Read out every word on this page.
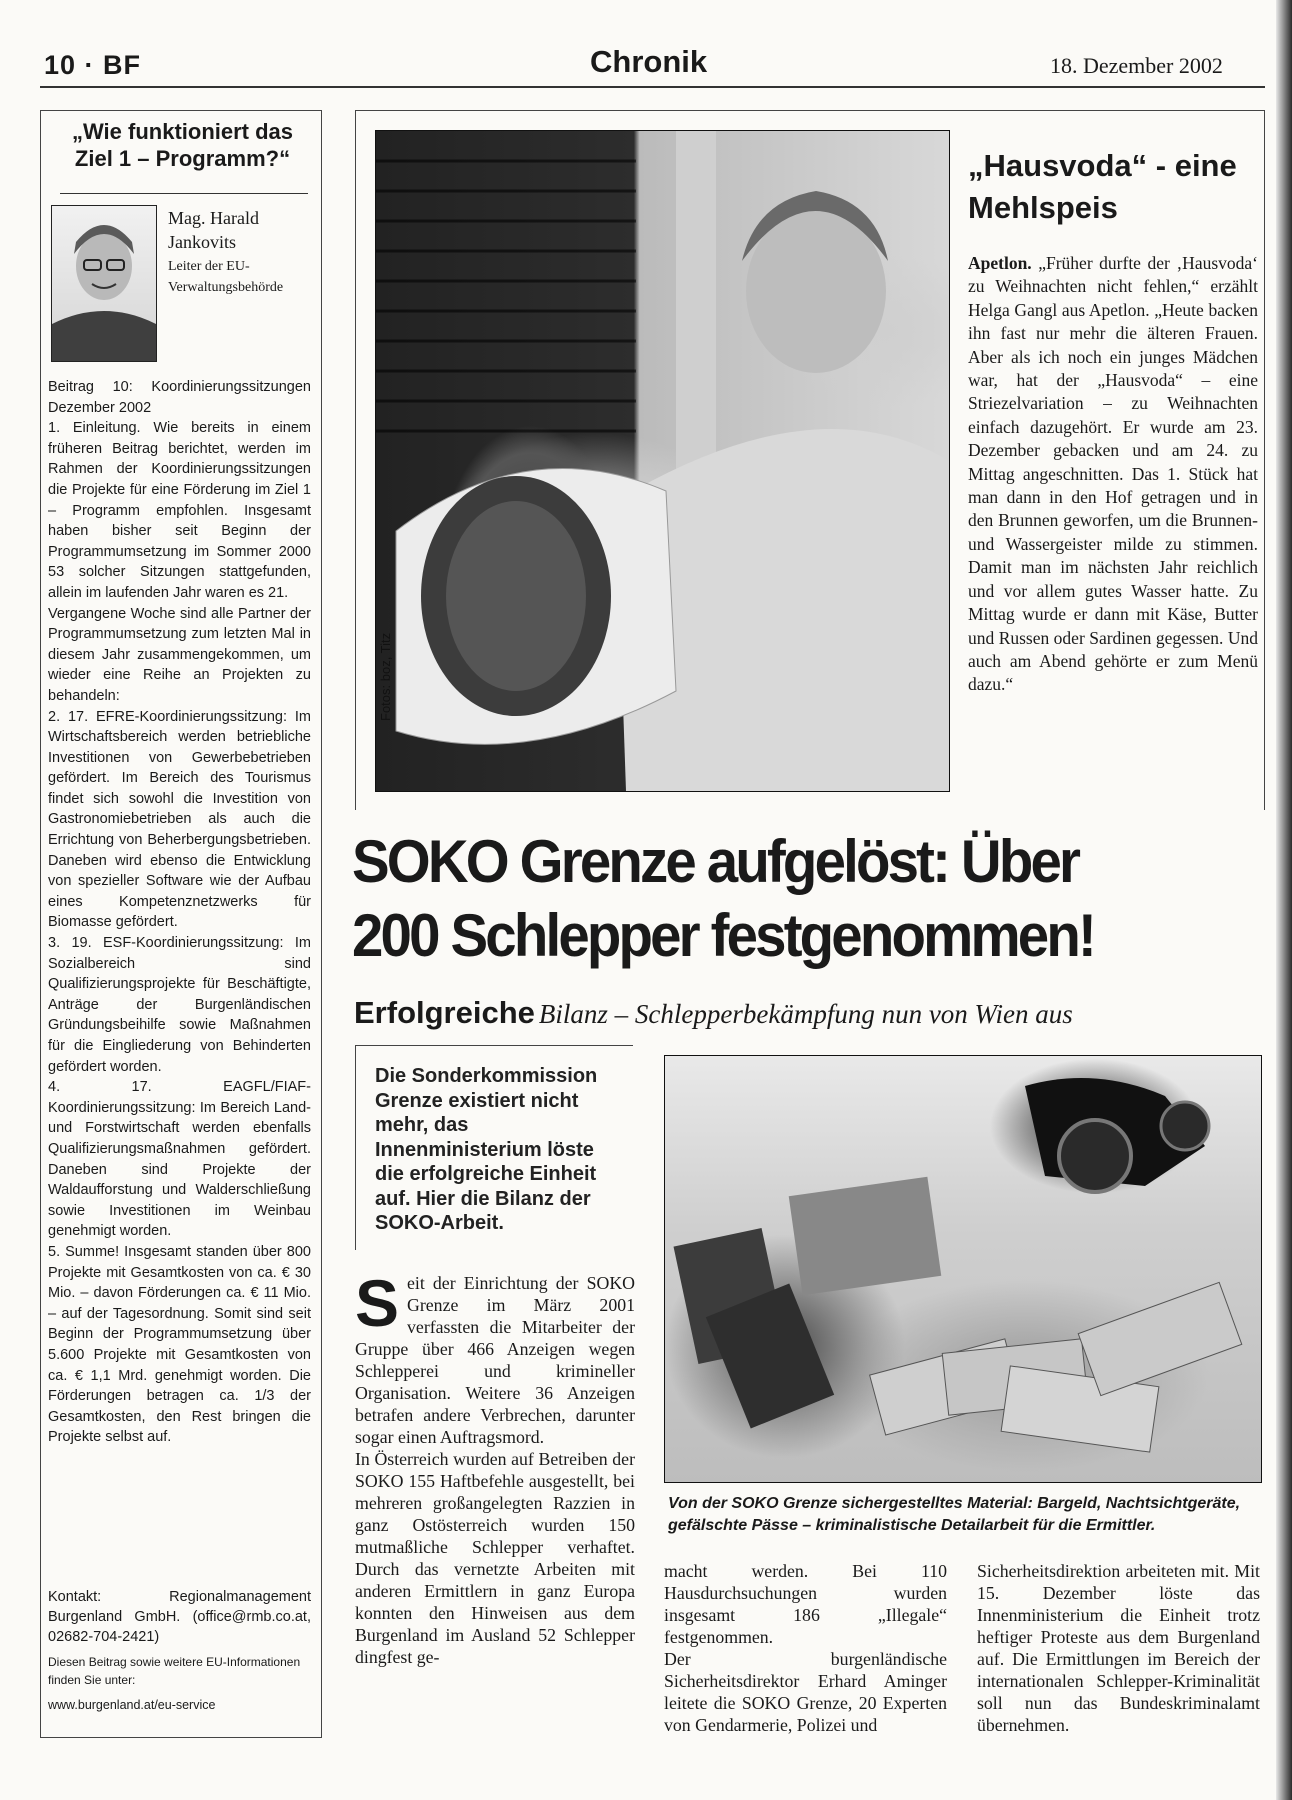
10 · BF	Chronik	18. Dezember 2002
„Wie funktioniert das Ziel 1 – Programm?“
Mag. Harald Jankovits
Leiter der EU-Verwaltungsbehörde

Beitrag 10: Koordinierungssitzungen Dezember 2002

1. Einleitung. Wie bereits in einem früheren Beitrag berichtet, werden im Rahmen der Koordinierungssitzungen die Projekte für eine Förderung im Ziel 1 – Programm empfohlen. Insgesamt haben bisher seit Beginn der Programmumsetzung im Sommer 2000 53 solcher Sitzungen stattgefunden, allein im laufenden Jahr waren es 21.

Vergangene Woche sind alle Partner der Programmumsetzung zum letzten Mal in diesem Jahr zusammengekommen, um wieder eine Reihe an Projekten zu behandeln:

2. 17. EFRE-Koordinierungssitzung: Im Wirtschaftsbereich werden betriebliche Investitionen von Gewerbebetrieben gefördert. Im Bereich des Tourismus findet sich sowohl die Investition von Gastronomiebetrieben als auch die Errichtung von Beherbergungsbetrieben. Daneben wird ebenso die Entwicklung von spezieller Software wie der Aufbau eines Kompetenznetzwerks für Biomasse gefördert.

3. 19. ESF-Koordinierungssitzung: Im Sozialbereich sind Qualifizierungsprojekte für Beschäftigte, Anträge der Burgenländischen Gründungsbeihilfe sowie Maßnahmen für die Eingliederung von Behinderten gefördert worden.

4. 17. EAGFL/FIAF-Koordinierungssitzung: Im Bereich Land- und Forstwirtschaft werden ebenfalls Qualifizierungsmaßnahmen gefördert. Daneben sind Projekte der Waldaufforstung und Walderschließung sowie Investitionen im Weinbau genehmigt worden.

5. Summe! Insgesamt standen über 800 Projekte mit Gesamtkosten von ca. € 30 Mio. – davon Förderungen ca. € 11 Mio. – auf der Tagesordnung. Somit sind seit Beginn der Programmumsetzung über 5.600 Projekte mit Gesamtkosten von ca. € 1,1 Mrd. genehmigt worden. Die Förderungen betragen ca. 1/3 der Gesamtkosten, den Rest bringen die Projekte selbst auf.

Kontakt: Regionalmanagement Burgenland GmbH. (office@rmb.co.at, 02682-704-2421)
Diesen Beitrag sowie weitere EU-Informationen finden Sie unter:
www.burgenland.at/eu-service
Fotos: boz, Titz
„Hausvoda“ - eine Mehlspeis
Apetlon. „Früher durfte der ‚Hausvoda‘ zu Weihnachten nicht fehlen,“ erzählt Helga Gangl aus Apetlon. „Heute backen ihn fast nur mehr die älteren Frauen. Aber als ich noch ein junges Mädchen war, hat der „Hausvoda“ – eine Striezelvariation – zu Weihnachten einfach dazugehört. Er wurde am 23. Dezember gebacken und am 24. zu Mittag angeschnitten. Das 1. Stück hat man dann in den Hof getragen und in den Brunnen geworfen, um die Brunnen- und Wassergeister milde zu stimmen. Damit man im nächsten Jahr reichlich und vor allem gutes Wasser hatte. Zu Mittag wurde er dann mit Käse, Butter und Russen oder Sardinen gegessen. Und auch am Abend gehörte er zum Menü dazu.“
SOKO Grenze aufgelöst: Über
200 Schlepper festgenommen!
Erfolgreiche Bilanz – Schlepperbekämpfung nun von Wien aus
Die Sonderkommission Grenze existiert nicht mehr, das Innenministerium löste die erfolgreiche Einheit auf. Hier die Bilanz der SOKO-Arbeit.
Von der SOKO Grenze sichergestelltes Material: Bargeld, Nachtsichtgeräte, gefälschte Pässe – kriminalistische Detailarbeit für die Ermittler.
S eit der Einrichtung der SOKO Grenze im März 2001 verfassten die Mitarbeiter der Gruppe über 466 Anzeigen wegen Schlepperei und krimineller Organisation. Weitere 36 Anzeigen betrafen andere Verbrechen, darunter sogar einen Auftragsmord.

In Österreich wurden auf Betreiben der SOKO 155 Haftbefehle ausgestellt, bei mehreren großangelegten Razzien in ganz Ostösterreich wurden 150 mutmaßliche Schlepper verhaftet. Durch das vernetzte Arbeiten mit anderen Ermittlern in ganz Europa konnten den Hinweisen aus dem Burgenland im Ausland 52 Schlepper dingfest ge-

macht werden. Bei 110 Hausdurchsuchungen wurden insgesamt 186 „Illegale“ festgenommen.

Der burgenländische Sicherheitsdirektor Erhard Aminger leitete die SOKO Grenze, 20 Experten von Gendarmerie, Polizei und

Sicherheitsdirektion arbeiteten mit. Mit 15. Dezember löste das Innenministerium die Einheit trotz heftiger Proteste aus dem Burgenland auf. Die Ermittlungen im Bereich der internationalen Schlepper-Kriminalität soll nun das Bundeskriminalamt übernehmen.
